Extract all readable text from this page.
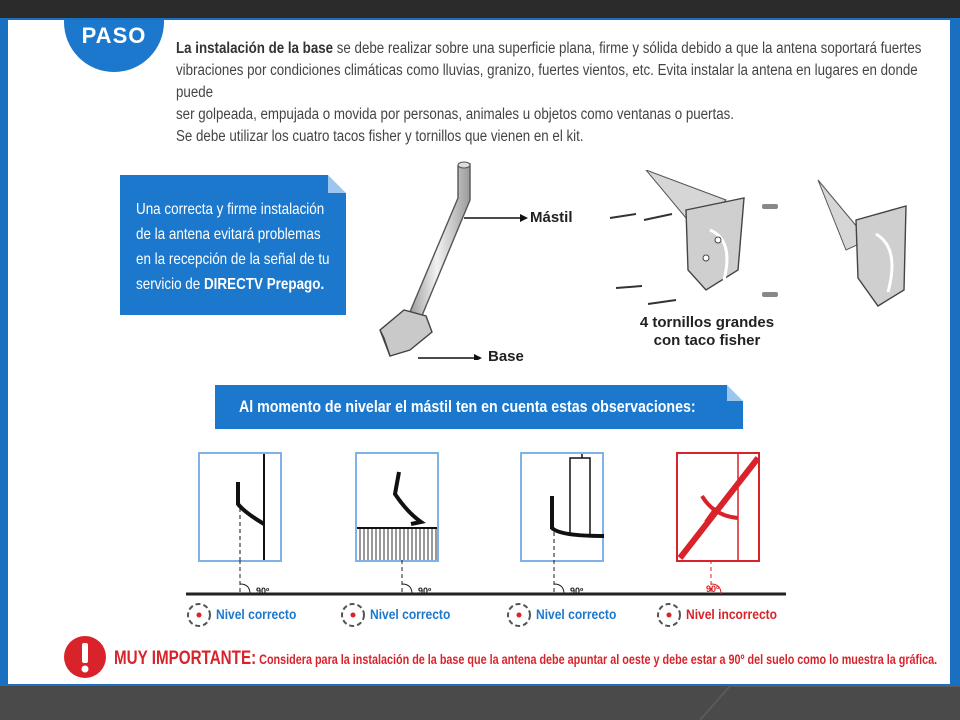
PASO
La instalación de la base se debe realizar sobre una superficie plana, firme y sólida debido a que la antena soportará fuertes
vibraciones por condiciones climáticas como lluvias, granizo, fuertes vientos, etc. Evita instalar la antena en lugares en donde puede
ser golpeada, empujada o movida por personas, animales u objetos como ventanas o puertas.
Se debe utilizar los cuatro tacos fisher y tornillos que vienen en el kit.
Una correcta y firme instalación
de la antena evitará problemas
en la recepción de la señal de tu
servicio de DIRECTV Prepago.
Mástil
Base
4 tornillos grandes
con taco fisher
Al momento de nivelar el mástil ten en cuenta estas observaciones:
90º	90º	90º	90º
Nivel correcto	Nivel correcto	Nivel correcto	Nivel incorrecto
MUY IMPORTANTE: Considera para la instalación de la base que la antena debe apuntar al oeste y debe estar a 90º del suelo como lo muestra la gráfica.
